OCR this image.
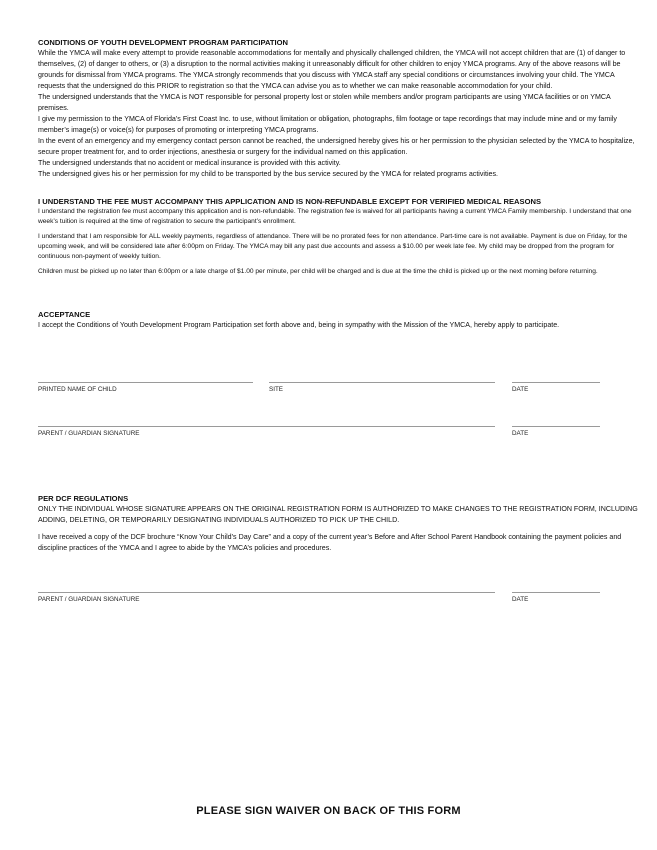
CONDITIONS OF YOUTH DEVELOPMENT PROGRAM PARTICIPATION

While the YMCA will make every attempt to provide reasonable accommodations for mentally and physically challenged children, the YMCA will not accept children that are (1) of danger to themselves, (2) of danger to others, or (3) a disruption to the normal activities making it unreasonably difficult for other children to enjoy YMCA programs. Any of the above reasons will be grounds for dismissal from YMCA programs. The YMCA strongly recommends that you discuss with YMCA staff any special conditions or circumstances involving your child. The YMCA requests that the undersigned do this PRIOR to registration so that the YMCA can advise you as to whether we can make reasonable accommodation for your child.

The undersigned understands that the YMCA is NOT responsible for personal property lost or stolen while members and/or program participants are using YMCA facilities or on YMCA premises.

I give my permission to the YMCA of Florida’s First Coast Inc. to use, without limitation or obligation, photographs, film footage or tape recordings that may include mine and or my family member’s image(s) or voice(s) for purposes of promoting or interpreting YMCA programs.

In the event of an emergency and my emergency contact person cannot be reached, the undersigned hereby gives his or her permission to the physician selected by the YMCA to hospitalize, secure proper treatment for, and to order injections, anesthesia or surgery for the individual named on this application.

The undersigned understands that no accident or medical insurance is provided with this activity.

The undersigned gives his or her permission for my child to be transported by the bus service secured by the YMCA for related programs activities.

I UNDERSTAND THE FEE MUST ACCOMPANY THIS APPLICATION AND IS NON-REFUNDABLE EXCEPT FOR VERIFIED MEDICAL REASONS

I understand the registration fee must accompany this application and is non-refundable. The registration fee is waived for all participants having a current YMCA Family membership. I understand that one week’s tuition is required at the time of registration to secure the participant’s enrollment.

I understand that I am responsible for ALL weekly payments, regardless of attendance. There will be no prorated fees for non attendance. Part-time care is not available. Payment is due on Friday, for the upcoming week, and will be considered late after 6:00pm on Friday. The YMCA may bill any past due accounts and assess a $10.00 per week late fee. My child may be dropped from the program for continuous non-payment of weekly tuition.

Children must be picked up no later than 6:00pm or a late charge of $1.00 per minute, per child will be charged and is due at the time the child is picked up or the next morning before returning.

ACCEPTANCE

I accept the Conditions of Youth Development Program Participation set forth above and, being in sympathy with the Mission of the YMCA, hereby apply to participate.

PRINTED NAME OF CHILD	SITE	DATE
PARENT / GUARDIAN SIGNATURE	DATE

PER DCF REGULATIONS

ONLY THE INDIVIDUAL WHOSE SIGNATURE APPEARS ON THE ORIGINAL REGISTRATION FORM IS AUTHORIZED TO MAKE CHANGES TO THE REGISTRATION FORM, INCLUDING ADDING, DELETING, OR TEMPORARILY DESIGNATING INDIVIDUALS AUTHORIZED TO PICK UP THE CHILD.

I have received a copy of the DCF brochure “Know Your Child’s Day Care” and a copy of the current year’s Before and After School Parent Handbook containing the payment policies and discipline practices of the YMCA and I agree to abide by the YMCA’s policies and procedures.

PARENT / GUARDIAN SIGNATURE	DATE
PLEASE SIGN WAIVER ON BACK OF THIS FORM
